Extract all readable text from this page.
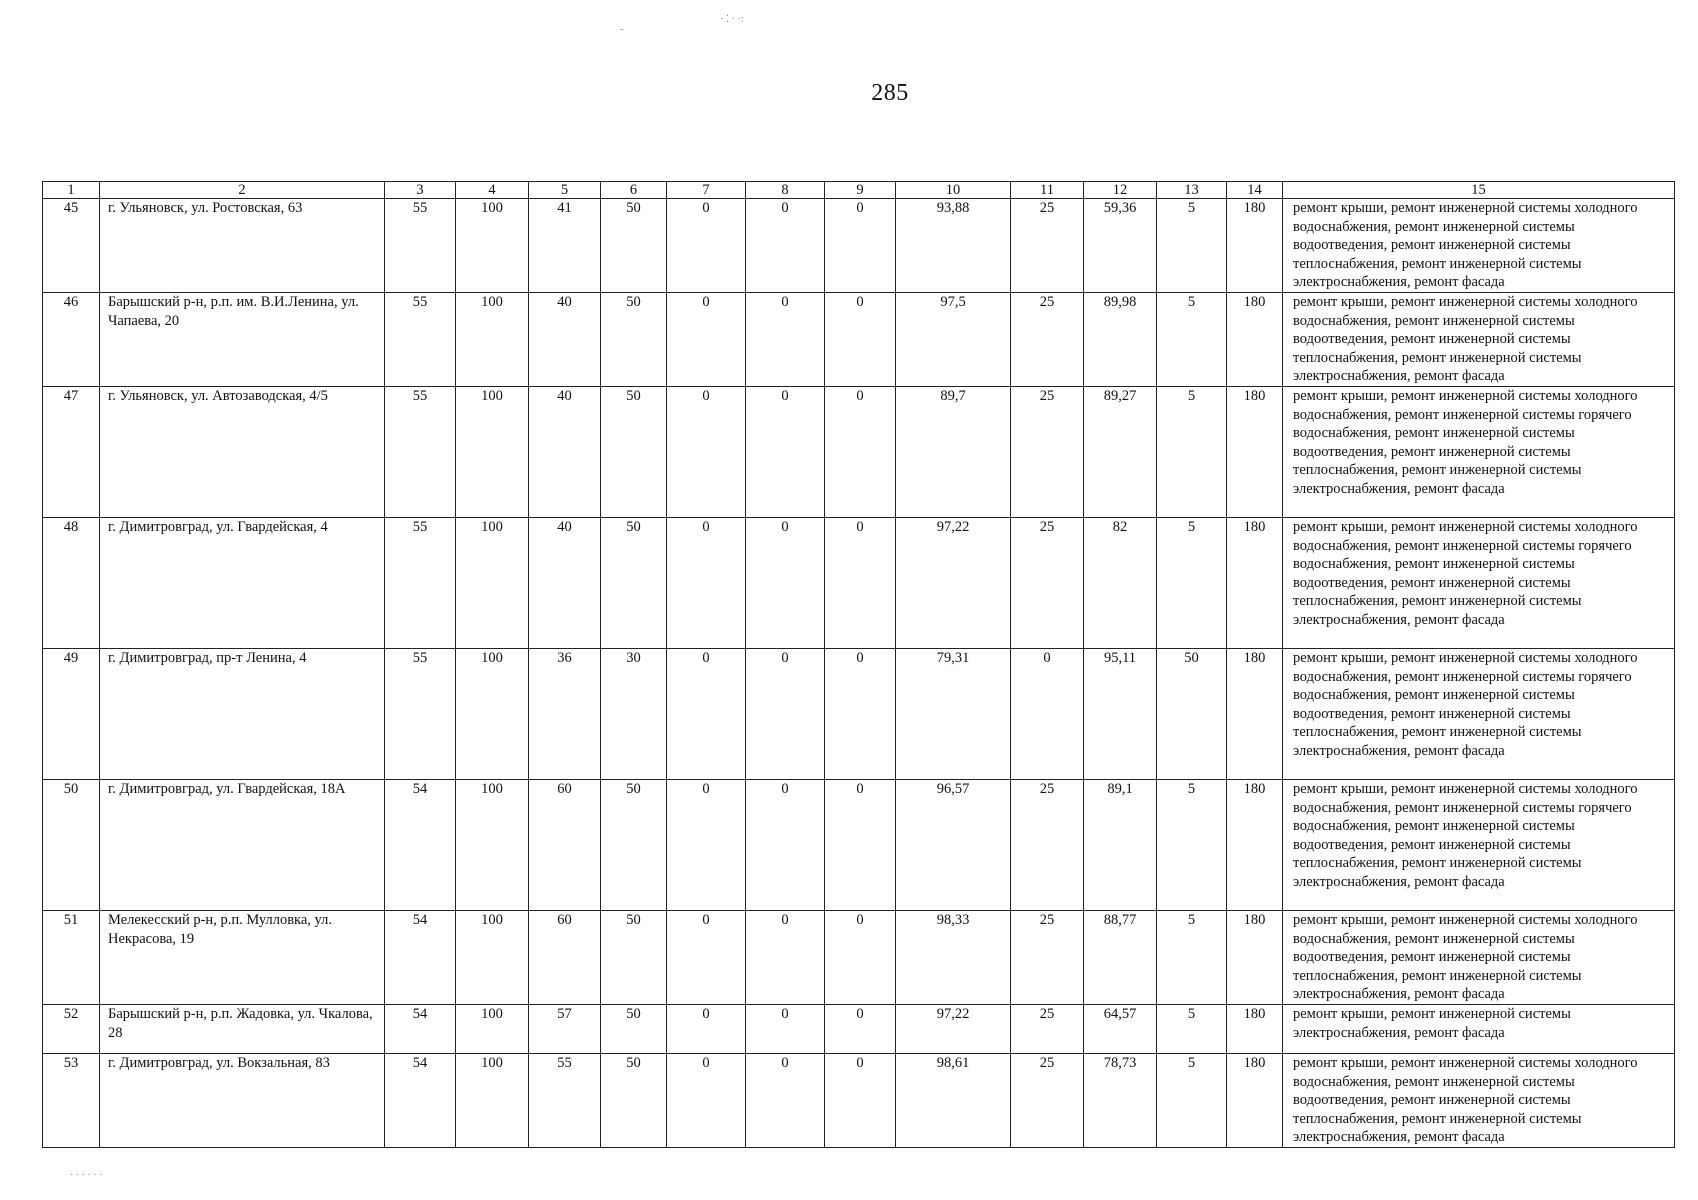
· ⁚ · ·:
-
· · · · · ·
285
1	2	3	4	5	6	7	8	9	10	11	12	13	14	15
45	г. Ульяновск, ул. Ростовская, 63	55	100	41	50	0	0	0	93,88	25	59,36	5	180	ремонт крыши, ремонт инженерной системы холодного водоснабжения, ремонт инженерной системы водоотведения, ремонт инженерной системы теплоснабжения, ремонт инженерной системы электроснабжения, ремонт фасада
46	Барышский р-н, р.п. им. В.И.Ленина, ул. Чапаева, 20	55	100	40	50	0	0	0	97,5	25	89,98	5	180	ремонт крыши, ремонт инженерной системы холодного водоснабжения, ремонт инженерной системы водоотведения, ремонт инженерной системы теплоснабжения, ремонт инженерной системы электроснабжения, ремонт фасада
47	г. Ульяновск, ул. Автозаводская, 4/5	55	100	40	50	0	0	0	89,7	25	89,27	5	180	ремонт крыши, ремонт инженерной системы холодного водоснабжения, ремонт инженерной системы горячего водоснабжения, ремонт инженерной системы водоотведения, ремонт инженерной системы теплоснабжения, ремонт инженерной системы электроснабжения, ремонт фасада
48	г. Димитровград, ул. Гвардейская, 4	55	100	40	50	0	0	0	97,22	25	82	5	180	ремонт крыши, ремонт инженерной системы холодного водоснабжения, ремонт инженерной системы горячего водоснабжения, ремонт инженерной системы водоотведения, ремонт инженерной системы теплоснабжения, ремонт инженерной системы электроснабжения, ремонт фасада
49	г. Димитровград, пр-т Ленина, 4	55	100	36	30	0	0	0	79,31	0	95,11	50	180	ремонт крыши, ремонт инженерной системы холодного водоснабжения, ремонт инженерной системы горячего водоснабжения, ремонт инженерной системы водоотведения, ремонт инженерной системы теплоснабжения, ремонт инженерной системы электроснабжения, ремонт фасада
50	г. Димитровград, ул. Гвардейская, 18А	54	100	60	50	0	0	0	96,57	25	89,1	5	180	ремонт крыши, ремонт инженерной системы холодного водоснабжения, ремонт инженерной системы горячего водоснабжения, ремонт инженерной системы водоотведения, ремонт инженерной системы теплоснабжения, ремонт инженерной системы электроснабжения, ремонт фасада
51	Мелекесский р-н, р.п. Мулловка, ул. Некрасова, 19	54	100	60	50	0	0	0	98,33	25	88,77	5	180	ремонт крыши, ремонт инженерной системы холодного водоснабжения, ремонт инженерной системы водоотведения, ремонт инженерной системы теплоснабжения, ремонт инженерной системы электроснабжения, ремонт фасада
52	Барышский р-н, р.п. Жадовка, ул. Чкалова, 28	54	100	57	50	0	0	0	97,22	25	64,57	5	180	ремонт крыши, ремонт инженерной системы электроснабжения, ремонт фасада
53	г. Димитровград, ул. Вокзальная, 83	54	100	55	50	0	0	0	98,61	25	78,73	5	180	ремонт крыши, ремонт инженерной системы холодного водоснабжения, ремонт инженерной системы водоотведения, ремонт инженерной системы теплоснабжения, ремонт инженерной системы электроснабжения, ремонт фасада
